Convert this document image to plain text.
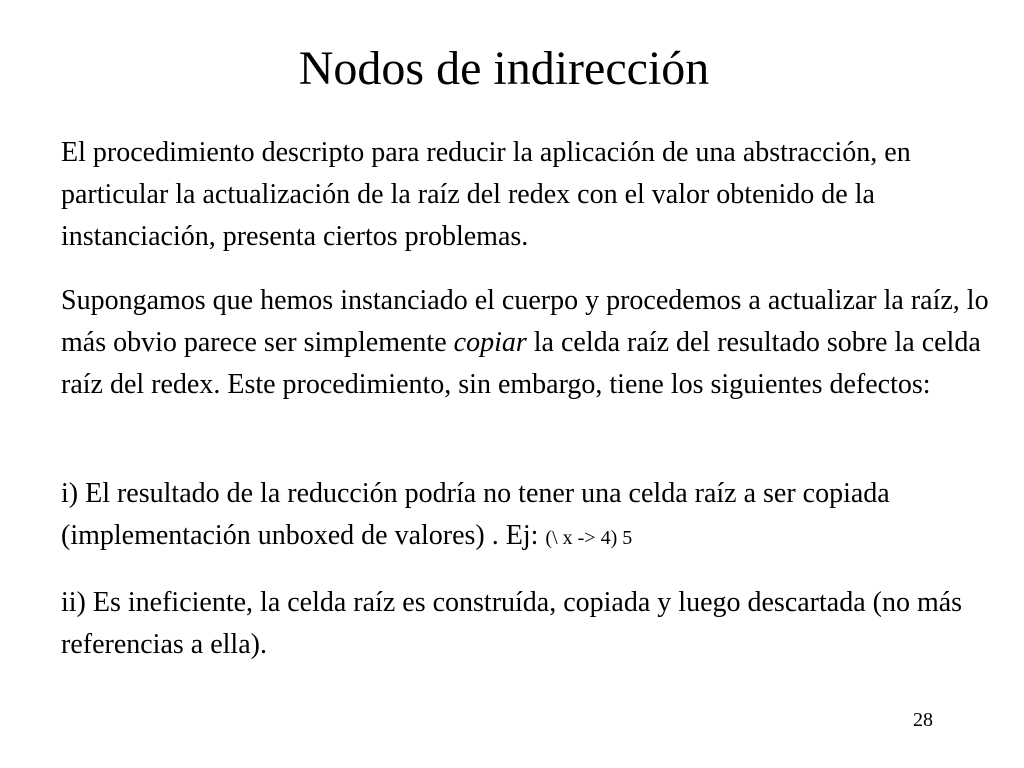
Nodos de indirección

El procedimiento descripto para reducir la aplicación de una abstracción, en particular la actualización de la raíz del redex con el valor obtenido de la instanciación, presenta ciertos problemas.

Supongamos que hemos instanciado el cuerpo y procedemos a actualizar la raíz, lo más obvio parece ser simplemente copiar la celda raíz del resultado sobre la celda raíz del redex. Este procedimiento, sin embargo, tiene los siguientes defectos:

i) El resultado de la reducción podría no tener una celda raíz a ser copiada (implementación unboxed de valores) . Ej: (\ x -> 4) 5

ii) Es ineficiente, la celda raíz es construída, copiada y luego descartada (no más referencias a ella).

28
